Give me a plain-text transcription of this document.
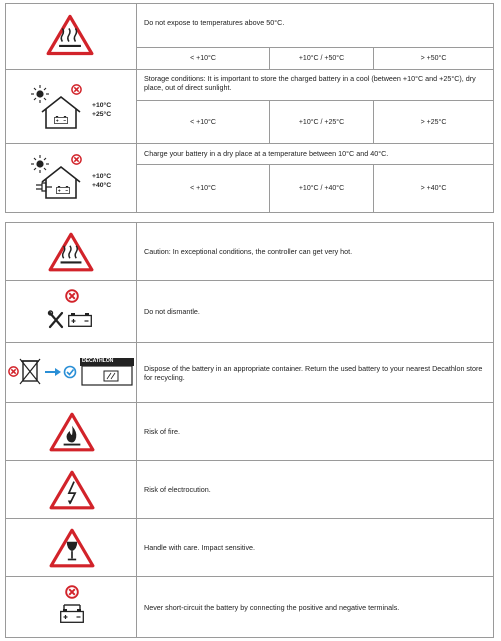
Do not expose to temperatures above 50°C.
< +10°C	+10°C / +50°C	> +50°C
+10°C
+25°C
Storage conditions: It is important to store the charged battery in a cool (between +10°C and +25°C), dry place, out of direct sunlight.
< +10°C	+10°C / +25°C	> +25°C
+10°C
+40°C
Charge your battery in a dry place at a temperature between 10°C and 40°C.
< +10°C	+10°C / +40°C	> +40°C
Caution: In exceptional conditions, the controller can get very hot.
Do not dismantle.
DECATHLON
Dispose of the battery in an appropriate container. Return the used battery to your nearest Decathlon store for recycling.
Risk of fire.
Risk of electrocution.
Handle with care. Impact sensitive.
Never short-circuit the battery by connecting the positive and negative terminals.
